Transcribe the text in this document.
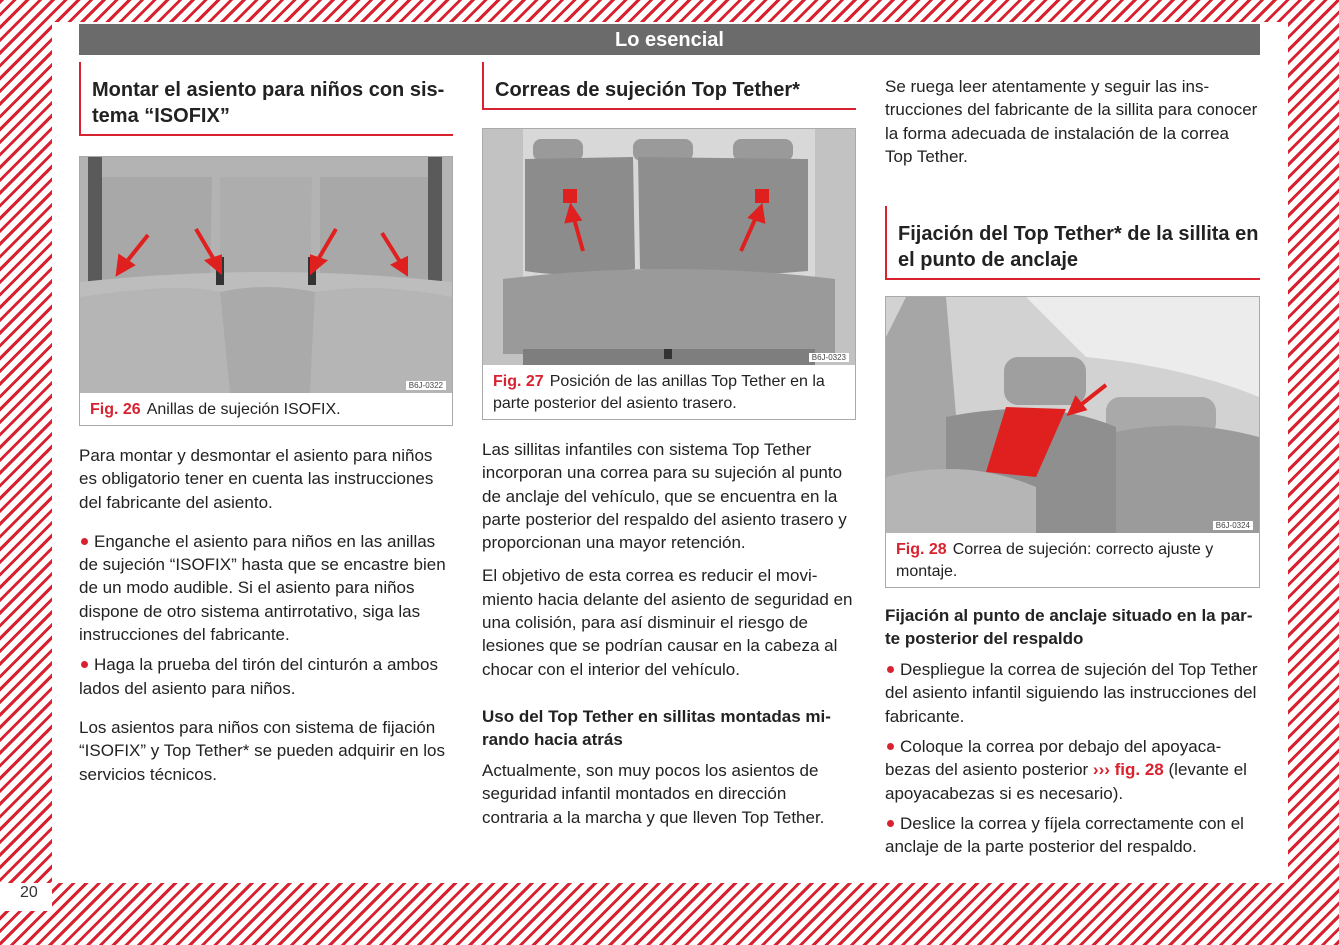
20
Lo esencial
Montar el asiento para niños con sistema “ISOFIX”
B6J-0322
Fig. 26 Anillas de sujeción ISOFIX.

Para montar y desmontar el asiento para niños es obligatorio tener en cuenta las instrucciones del fabricante del asiento.

Enganche el asiento para niños en las anillas de sujeción “ISOFIX” hasta que se encastre bien de un modo audible. Si el asiento para niños dispone de otro sistema antirrotativo, siga las instrucciones del fabricante.

Haga la prueba del tirón del cinturón a ambos lados del asiento para niños.

Los asientos para niños con sistema de fijación “ISOFIX” y Top Tether* se pueden adquirir en los servicios técnicos.

Correas de sujeción Top Tether*
B6J-0323
Fig. 27 Posición de las anillas Top Tether en la parte posterior del asiento trasero.

Las sillitas infantiles con sistema Top Tether incorporan una correa para su sujeción al punto de anclaje del vehículo, que se encuentra en la parte posterior del respaldo del asiento trasero y proporcionan una mayor retención.

El objetivo de esta correa es reducir el movimiento hacia delante del asiento de seguridad en una colisión, para así disminuir el riesgo de lesiones que se podrían causar en la cabeza al chocar con el interior del vehículo.

Uso del Top Tether en sillitas montadas mirando hacia atrás

Actualmente, son muy pocos los asientos de seguridad infantil montados en dirección contraria a la marcha y que lleven Top Tether.

Se ruega leer atentamente y seguir las instrucciones del fabricante de la sillita para conocer la forma adecuada de instalación de la correa Top Tether.

Fijación del Top Tether* de la sillita en el punto de anclaje
B6J-0324
Fig. 28 Correa de sujeción: correcto ajuste y montaje.
Fijación al punto de anclaje situado en la parte posterior del respaldo

Despliegue la correa de sujeción del Top Tether del asiento infantil siguiendo las instrucciones del fabricante.

Coloque la correa por debajo del apoyacabezas del asiento posterior ››› fig. 28 (levante el apoyacabezas si es necesario).

Deslice la correa y fíjela correctamente con el anclaje de la parte posterior del respaldo.
